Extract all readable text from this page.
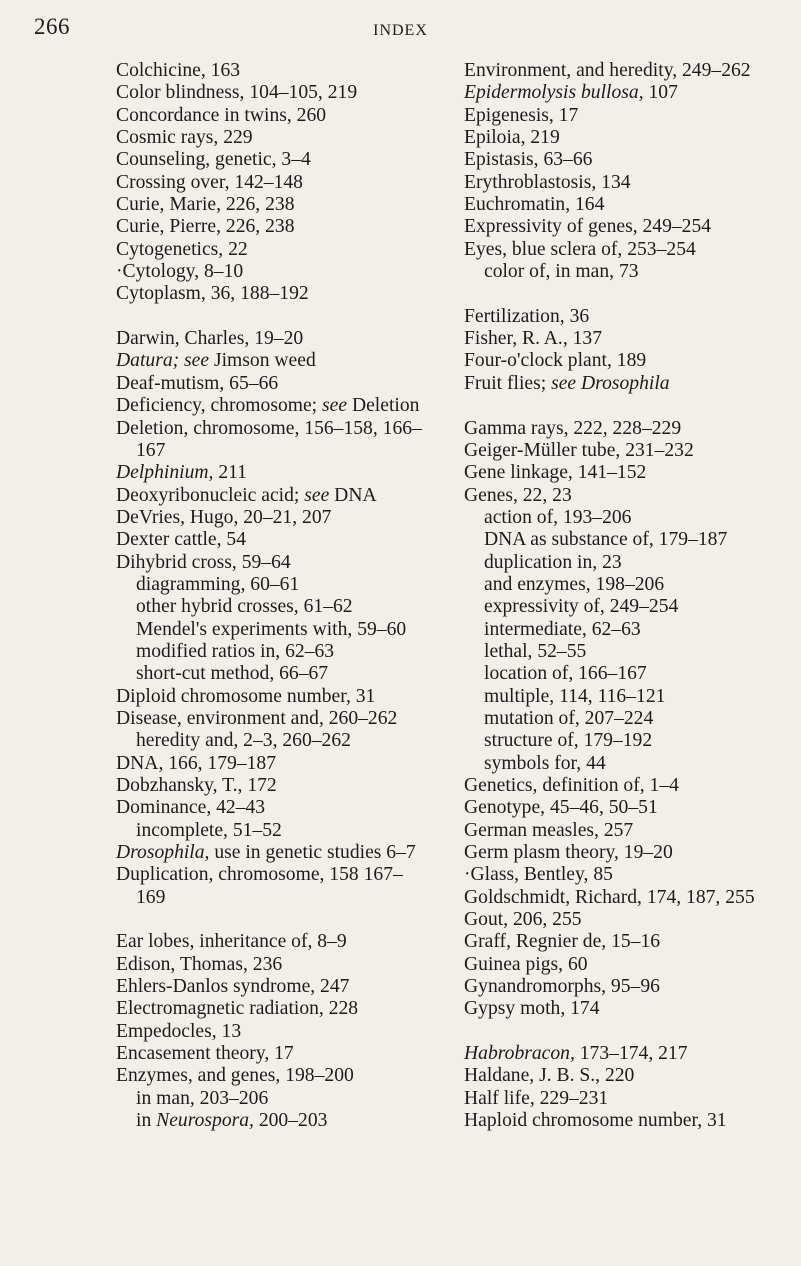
266	INDEX
Colchicine, 163
Color blindness, 104–105, 219
Concordance in twins, 260
Cosmic rays, 229
Counseling, genetic, 3–4
Crossing over, 142–148
Curie, Marie, 226, 238
Curie, Pierre, 226, 238
Cytogenetics, 22
·Cytology, 8–10
Cytoplasm, 36, 188–192
Darwin, Charles, 19–20
Datura; see Jimson weed
Deaf-mutism, 65–66
Deficiency, chromosome; see Deletion
Deletion, chromosome, 156–158, 166–
167
Delphinium, 211
Deoxyribonucleic acid; see DNA
DeVries, Hugo, 20–21, 207
Dexter cattle, 54
Dihybrid cross, 59–64
diagramming, 60–61
other hybrid crosses, 61–62
Mendel's experiments with, 59–60
modified ratios in, 62–63
short-cut method, 66–67
Diploid chromosome number, 31
Disease, environment and, 260–262
heredity and, 2–3, 260–262
DNA, 166, 179–187
Dobzhansky, T., 172
Dominance, 42–43
incomplete, 51–52
Drosophila, use in genetic studies 6–7
Duplication, chromosome, 158 167–
169
Ear lobes, inheritance of, 8–9
Edison, Thomas, 236
Ehlers-Danlos syndrome, 247
Electromagnetic radiation, 228
Empedocles, 13
Encasement theory, 17
Enzymes, and genes, 198–200
in man, 203–206
in Neurospora, 200–203
Environment, and heredity, 249–262
Epidermolysis bullosa, 107
Epigenesis, 17
Epiloia, 219
Epistasis, 63–66
Erythroblastosis, 134
Euchromatin, 164
Expressivity of genes, 249–254
Eyes, blue sclera of, 253–254
color of, in man, 73
Fertilization, 36
Fisher, R. A., 137
Four-o'clock plant, 189
Fruit flies; see Drosophila
Gamma rays, 222, 228–229
Geiger-Müller tube, 231–232
Gene linkage, 141–152
Genes, 22, 23
action of, 193–206
DNA as substance of, 179–187
duplication in, 23
and enzymes, 198–206
expressivity of, 249–254
intermediate, 62–63
lethal, 52–55
location of, 166–167
multiple, 114, 116–121
mutation of, 207–224
structure of, 179–192
symbols for, 44
Genetics, definition of, 1–4
Genotype, 45–46, 50–51
German measles, 257
Germ plasm theory, 19–20
·Glass, Bentley, 85
Goldschmidt, Richard, 174, 187, 255
Gout, 206, 255
Graff, Regnier de, 15–16
Guinea pigs, 60
Gynandromorphs, 95–96
Gypsy moth, 174
Habrobracon, 173–174, 217
Haldane, J. B. S., 220
Half life, 229–231
Haploid chromosome number, 31
